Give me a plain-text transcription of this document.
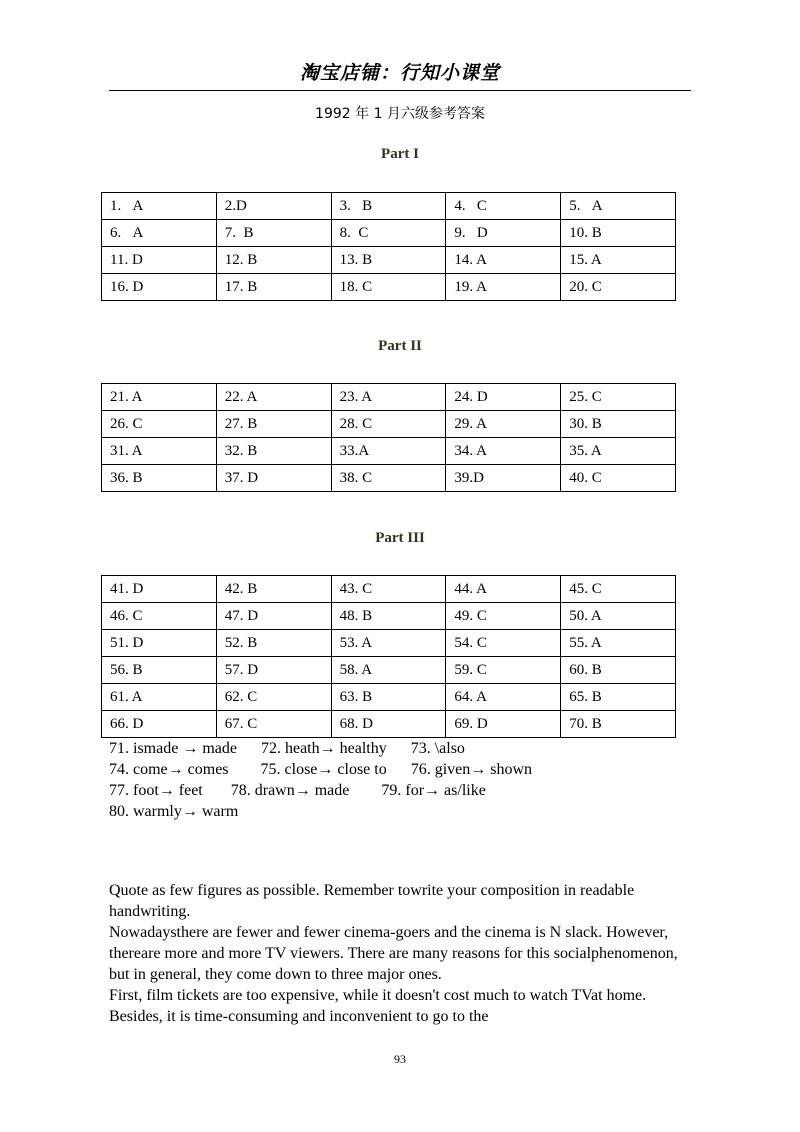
淘宝店铺：行知小课堂
1992 年 1 月六级参考答案
Part I
1.   A	2.D	3.   B	4.   C	5.   A
6.   A	7.  B	8.  C	9.   D	10. B
11. D	12. B	13. B	14. A	15. A
16. D	17. B	18. C	19. A	20. C
Part II
21. A	22. A	23. A	24. D	25. C
26. C	27. B	28. C	29. A	30. B
31. A	32. B	33.A	34. A	35. A
36. B	37. D	38. C	39.D	40. C
Part III
41. D	42. B	43. C	44. A	45. C
46. C	47. D	48. B	49. C	50. A
51. D	52. B	53. A	54. C	55. A
56. B	57. D	58. A	59. C	60. B
61. A	62. C	63. B	64. A	65. B
66. D	67. C	68. D	69. D	70. B
71. ismade → made      72. heath→ healthy      73. \also
74. come→ comes        75. close→ close to      76. given→ shown
77. foot→ feet       78. drawn→ made        79. for→ as/like
80. warmly→ warm

Quote as few figures as possible. Remember towrite your composition in readable handwriting.

Nowadaysthere are fewer and fewer cinema-goers and the cinema is N slack. However, thereare more and more TV viewers. There are many reasons for this socialphenomenon, but in general, they come down to three major ones.

First, film tickets are too expensive, while it doesn't cost much to watch TVat home. Besides, it is time-consuming and inconvenient to go to the

93
